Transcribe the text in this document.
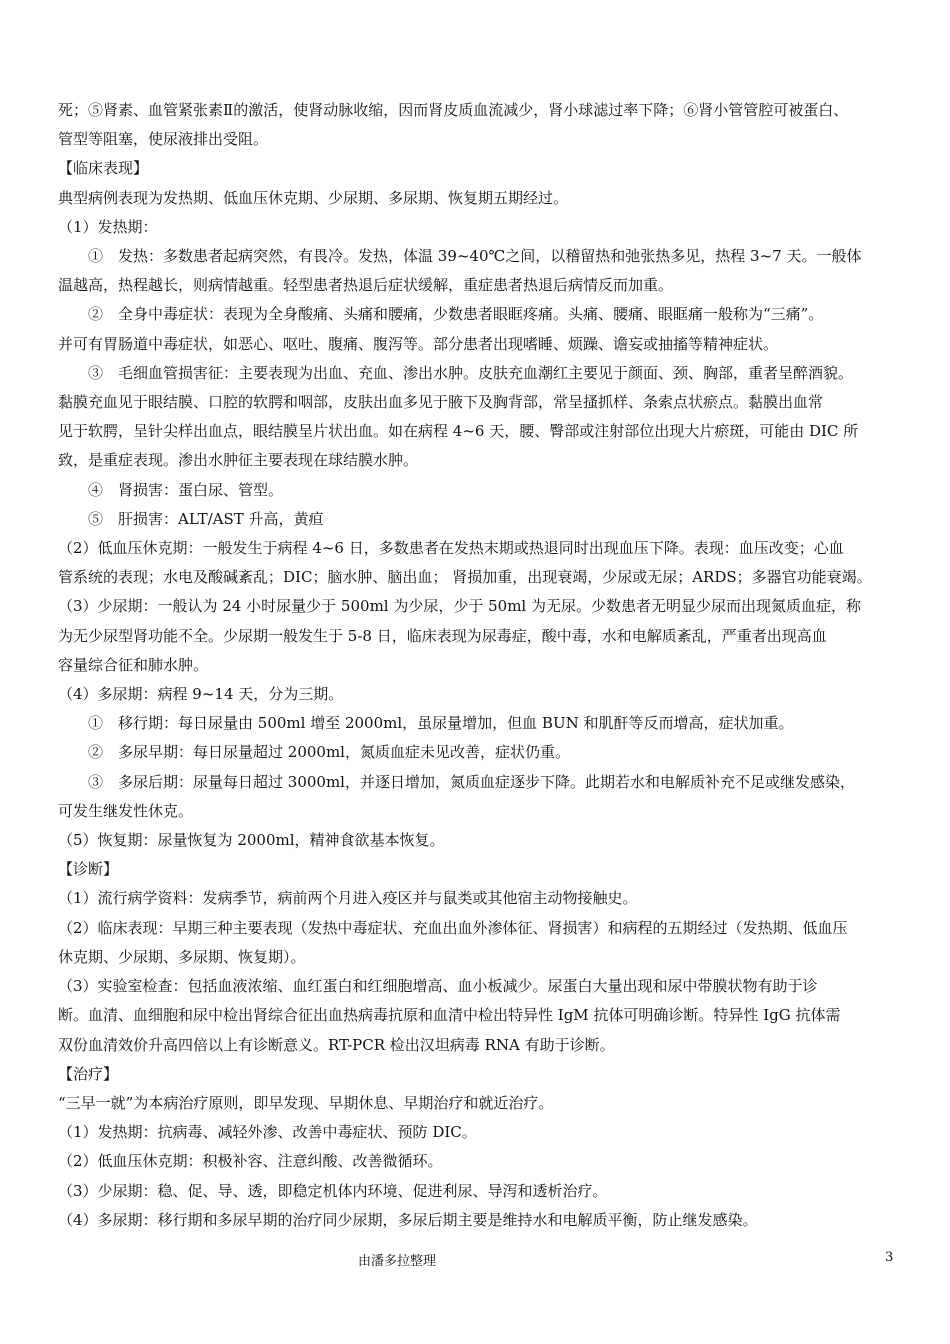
死；⑤肾素、血管紧张素Ⅱ的激活，使肾动脉收缩，因而肾皮质血流减少，肾小球滤过率下降；⑥肾小管管腔可被蛋白、
管型等阻塞，使尿液排出受阻。
【临床表现】
典型病例表现为发热期、低血压休克期、少尿期、多尿期、恢复期五期经过。
（1）发热期：
①　发热：多数患者起病突然，有畏冷。发热，体温 39~40℃之间，以稽留热和弛张热多见，热程 3~7 天。一般体
温越高，热程越长，则病情越重。轻型患者热退后症状缓解，重症患者热退后病情反而加重。
②　全身中毒症状：表现为全身酸痛、头痛和腰痛，少数患者眼眶疼痛。头痛、腰痛、眼眶痛一般称为“三痛”。
并可有胃肠道中毒症状，如恶心、呕吐、腹痛、腹泻等。部分患者出现嗜睡、烦躁、谵妄或抽搐等精神症状。
③　毛细血管损害征：主要表现为出血、充血、渗出水肿。皮肤充血潮红主要见于颜面、颈、胸部，重者呈醉酒貌。
黏膜充血见于眼结膜、口腔的软腭和咽部，皮肤出血多见于腋下及胸背部，常呈搔抓样、条索点状瘀点。黏膜出血常
见于软腭，呈针尖样出血点，眼结膜呈片状出血。如在病程 4~6 天，腰、臀部或注射部位出现大片瘀斑，可能由 DIC 所
致，是重症表现。渗出水肿征主要表现在球结膜水肿。
④　肾损害：蛋白尿、管型。
⑤　肝损害：ALT/AST 升高，黄疸
（2）低血压休克期：一般发生于病程 4~6 日，多数患者在发热末期或热退同时出现血压下降。表现：血压改变；心血
管系统的表现；水电及酸碱紊乱；DIC；脑水肿、脑出血； 肾损加重，出现衰竭，少尿或无尿；ARDS；多器官功能衰竭。
（3）少尿期：一般认为 24 小时尿量少于 500ml 为少尿，少于 50ml 为无尿。少数患者无明显少尿而出现氮质血症，称
为无少尿型肾功能不全。少尿期一般发生于 5-8 日，临床表现为尿毒症，酸中毒，水和电解质紊乱，严重者出现高血
容量综合征和肺水肿。
（4）多尿期：病程 9~14 天，分为三期。
①　移行期：每日尿量由 500ml 增至 2000ml，虽尿量增加，但血 BUN 和肌酐等反而增高，症状加重。
②　多尿早期：每日尿量超过 2000ml，氮质血症未见改善，症状仍重。
③　多尿后期：尿量每日超过 3000ml，并逐日增加，氮质血症逐步下降。此期若水和电解质补充不足或继发感染，
可发生继发性休克。
（5）恢复期：尿量恢复为 2000ml，精神食欲基本恢复。
【诊断】
（1）流行病学资料：发病季节，病前两个月进入疫区并与鼠类或其他宿主动物接触史。
（2）临床表现：早期三种主要表现（发热中毒症状、充血出血外渗体征、肾损害）和病程的五期经过（发热期、低血压
休克期、少尿期、多尿期、恢复期）。
（3）实验室检查：包括血液浓缩、血红蛋白和红细胞增高、血小板减少。尿蛋白大量出现和尿中带膜状物有助于诊
断。血清、血细胞和尿中检出肾综合征出血热病毒抗原和血清中检出特异性 IgM 抗体可明确诊断。特异性 IgG 抗体需
双份血清效价升高四倍以上有诊断意义。RT-PCR 检出汉坦病毒 RNA 有助于诊断。
【治疗】
“三早一就”为本病治疗原则，即早发现、早期休息、早期治疗和就近治疗。
（1）发热期：抗病毒、减轻外渗、改善中毒症状、预防 DIC。
（2）低血压休克期：积极补容、注意纠酸、改善微循环。
（3）少尿期：稳、促、导、透，即稳定机体内环境、促进利尿、导泻和透析治疗。
（4）多尿期：移行期和多尿早期的治疗同少尿期，多尿后期主要是维持水和电解质平衡，防止继发感染。
由潘多拉整理	3
